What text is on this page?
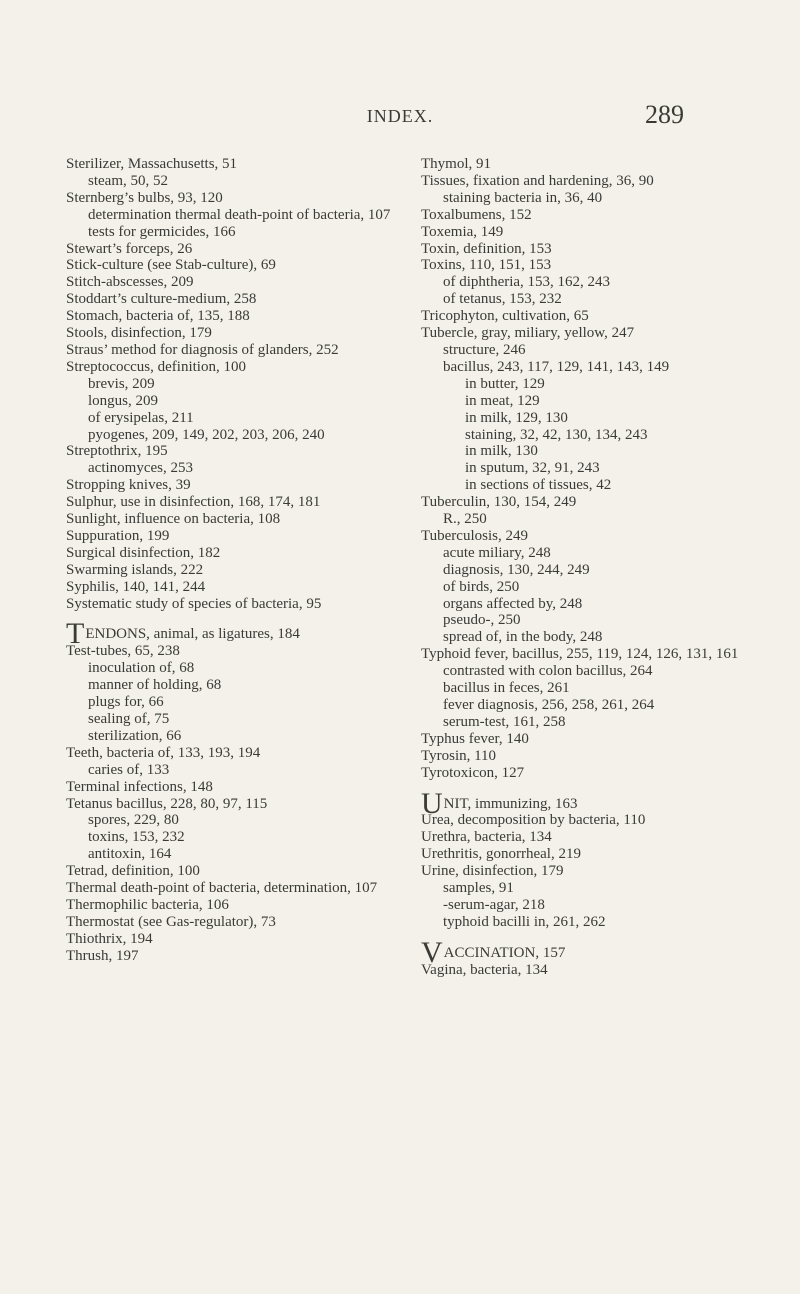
INDEX.	289

Sterilizer, Massachusetts, 51

steam, 50, 52

Sternberg’s bulbs, 93, 120

determination thermal death-point of bacteria, 107

tests for germicides, 166

Stewart’s forceps, 26

Stick-culture (see Stab-culture), 69

Stitch-abscesses, 209

Stoddart’s culture-medium, 258

Stomach, bacteria of, 135, 188

Stools, disinfection, 179

Straus’ method for diagnosis of glanders, 252

Streptococcus, definition, 100

brevis, 209

longus, 209

of erysipelas, 211

pyogenes, 209, 149, 202, 203, 206, 240

Streptothrix, 195

actinomyces, 253

Stropping knives, 39

Sulphur, use in disinfection, 168, 174, 181

Sunlight, influence on bacteria, 108

Suppuration, 199

Surgical disinfection, 182

Swarming islands, 222

Syphilis, 140, 141, 244

Systematic study of species of bacteria, 95

TENDONS, animal, as ligatures, 184

Test-tubes, 65, 238

inoculation of, 68

manner of holding, 68

plugs for, 66

sealing of, 75

sterilization, 66

Teeth, bacteria of, 133, 193, 194

caries of, 133

Terminal infections, 148

Tetanus bacillus, 228, 80, 97, 115

spores, 229, 80

toxins, 153, 232

antitoxin, 164

Tetrad, definition, 100

Thermal death-point of bacteria, determination, 107

Thermophilic bacteria, 106

Thermostat (see Gas-regulator), 73

Thiothrix, 194

Thrush, 197

Thymol, 91

Tissues, fixation and hardening, 36, 90

staining bacteria in, 36, 40

Toxalbumens, 152

Toxemia, 149

Toxin, definition, 153

Toxins, 110, 151, 153

of diphtheria, 153, 162, 243

of tetanus, 153, 232

Tricophyton, cultivation, 65

Tubercle, gray, miliary, yellow, 247

structure, 246

bacillus, 243, 117, 129, 141, 143, 149

in butter, 129

in meat, 129

in milk, 129, 130

staining, 32, 42, 130, 134, 243

in milk, 130

in sputum, 32, 91, 243

in sections of tissues, 42

Tuberculin, 130, 154, 249

R., 250

Tuberculosis, 249

acute miliary, 248

diagnosis, 130, 244, 249

of birds, 250

organs affected by, 248

pseudo-, 250

spread of, in the body, 248

Typhoid fever, bacillus, 255, 119, 124, 126, 131, 161

contrasted with colon bacillus, 264

bacillus in feces, 261

fever diagnosis, 256, 258, 261, 264

serum-test, 161, 258

Typhus fever, 140

Tyrosin, 110

Tyrotoxicon, 127

UNIT, immunizing, 163

Urea, decomposition by bacteria, 110

Urethra, bacteria, 134

Urethritis, gonorrheal, 219

Urine, disinfection, 179

samples, 91

-serum-agar, 218

typhoid bacilli in, 261, 262

VACCINATION, 157

Vagina, bacteria, 134
